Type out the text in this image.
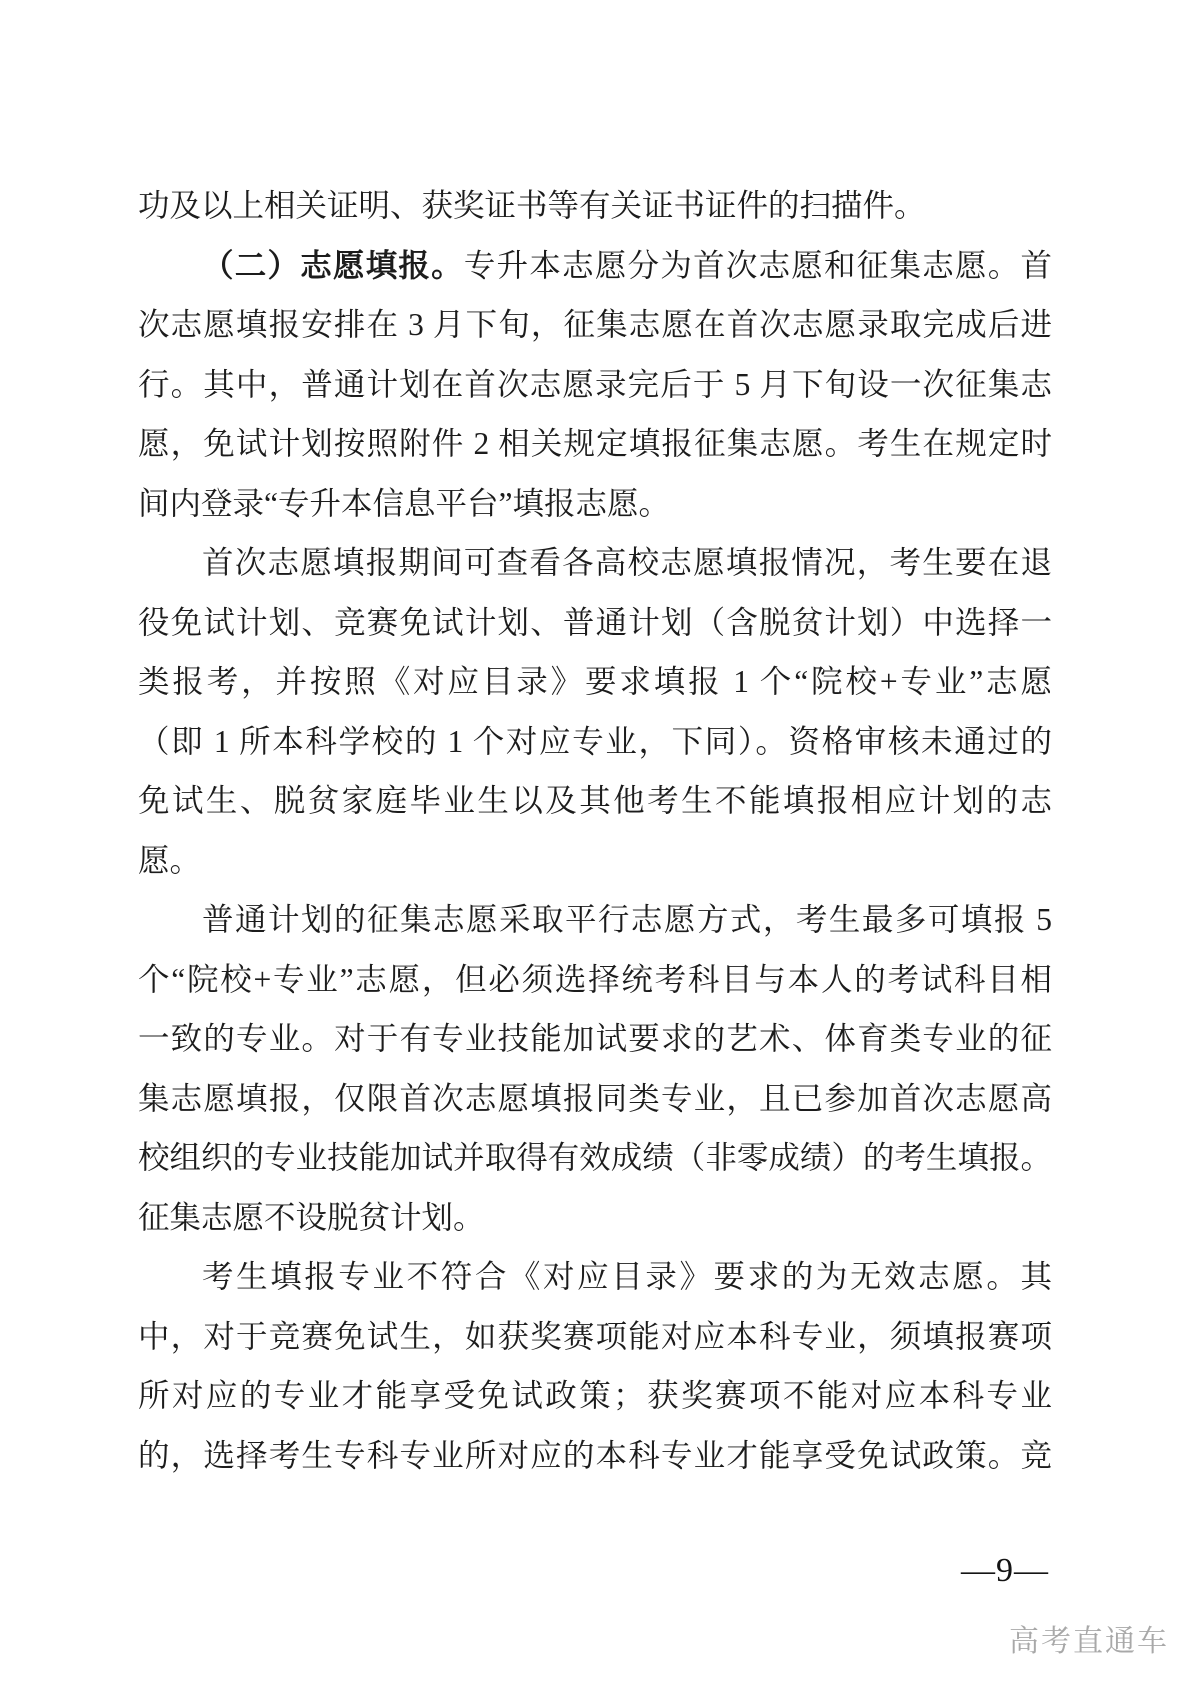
功及以上相关证明、获奖证书等有关证书证件的扫描件。
（二）志愿填报。专升本志愿分为首次志愿和征集志愿。首
次志愿填报安排在 3 月下旬，征集志愿在首次志愿录取完成后进
行。其中，普通计划在首次志愿录完后于 5 月下旬设一次征集志
愿，免试计划按照附件 2 相关规定填报征集志愿。考生在规定时
间内登录“专升本信息平台”填报志愿。
首次志愿填报期间可查看各高校志愿填报情况，考生要在退
役免试计划、竞赛免试计划、普通计划（含脱贫计划）中选择一
类报考，并按照《对应目录》要求填报 1 个“院校+专业”志愿
（即 1 所本科学校的 1 个对应专业，下同）。资格审核未通过的
免试生、脱贫家庭毕业生以及其他考生不能填报相应计划的志
愿。
普通计划的征集志愿采取平行志愿方式，考生最多可填报 5
个“院校+专业”志愿，但必须选择统考科目与本人的考试科目相
一致的专业。对于有专业技能加试要求的艺术、体育类专业的征
集志愿填报，仅限首次志愿填报同类专业，且已参加首次志愿高
校组织的专业技能加试并取得有效成绩（非零成绩）的考生填报。
征集志愿不设脱贫计划。
考生填报专业不符合《对应目录》要求的为无效志愿。其
中，对于竞赛免试生，如获奖赛项能对应本科专业，须填报赛项
所对应的专业才能享受免试政策；获奖赛项不能对应本科专业
的，选择考生专科专业所对应的本科专业才能享受免试政策。竞
—9—
高考直通车
